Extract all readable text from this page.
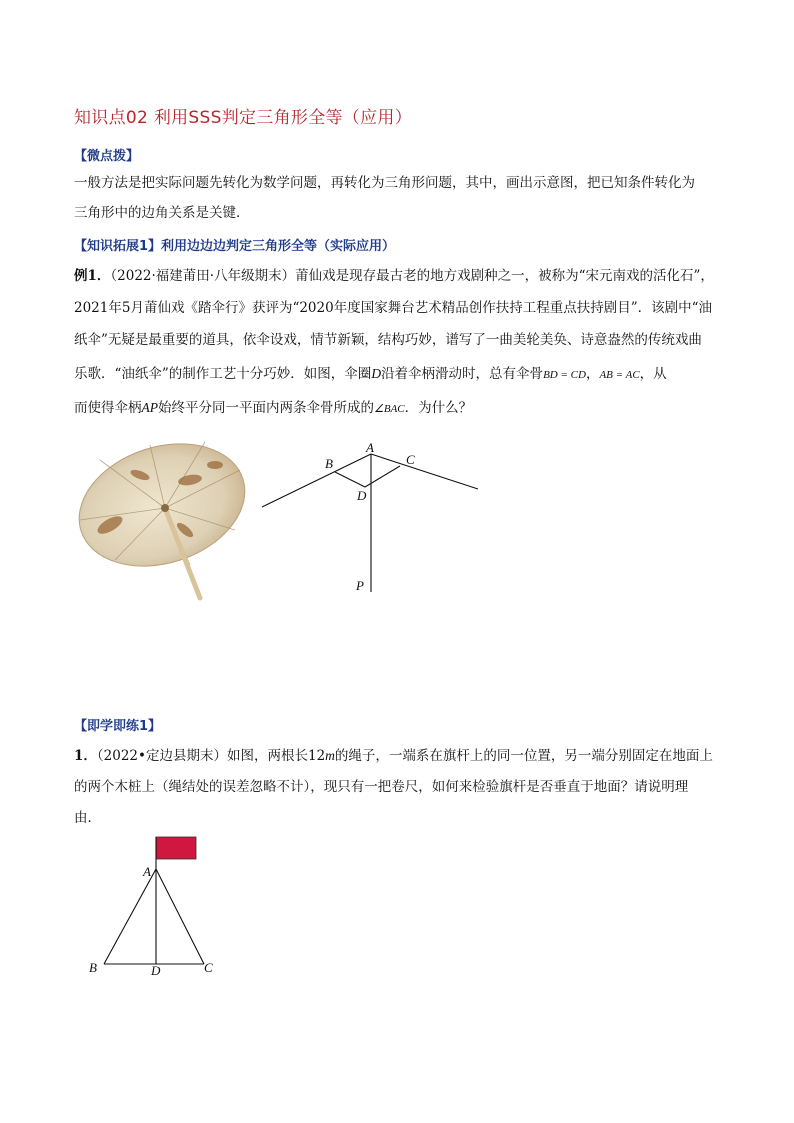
知识点02 利用SSS判定三角形全等（应用）
【微点拨】
一般方法是把实际问题先转化为数学问题，再转化为三角形问题，其中，画出示意图，把已知条件转化为
三角形中的边角关系是关键．
【知识拓展1】利用边边边判定三角形全等（实际应用）
例1．（2022·福建莆田·八年级期末）莆仙戏是现存最古老的地方戏剧种之一，被称为“宋元南戏的活化石”，
2021年5月莆仙戏《踏伞行》获评为“2020年度国家舞台艺术精品创作扶持工程重点扶持剧目”．该剧中“油
纸伞”无疑是最重要的道具，依伞设戏，情节新颖，结构巧妙，谱写了一曲美轮美奂、诗意盎然的传统戏曲
乐歌．“油纸伞”的制作工艺十分巧妙．如图，伞圈D沿着伞柄滑动时，总有伞骨BD = CD，AB = AC，从
而使得伞柄AP始终平分同一平面内两条伞骨所成的∠BAC．为什么？
A
B	C
D
P
【即学即练1】
1．（2022•定边县期末）如图，两根长12m的绳子，一端系在旗杆上的同一位置，另一端分别固定在地面上
的两个木桩上（绳结处的误差忽略不计），现只有一把卷尺，如何来检验旗杆是否垂直于地面？请说明理
由．
A
B	D	C
